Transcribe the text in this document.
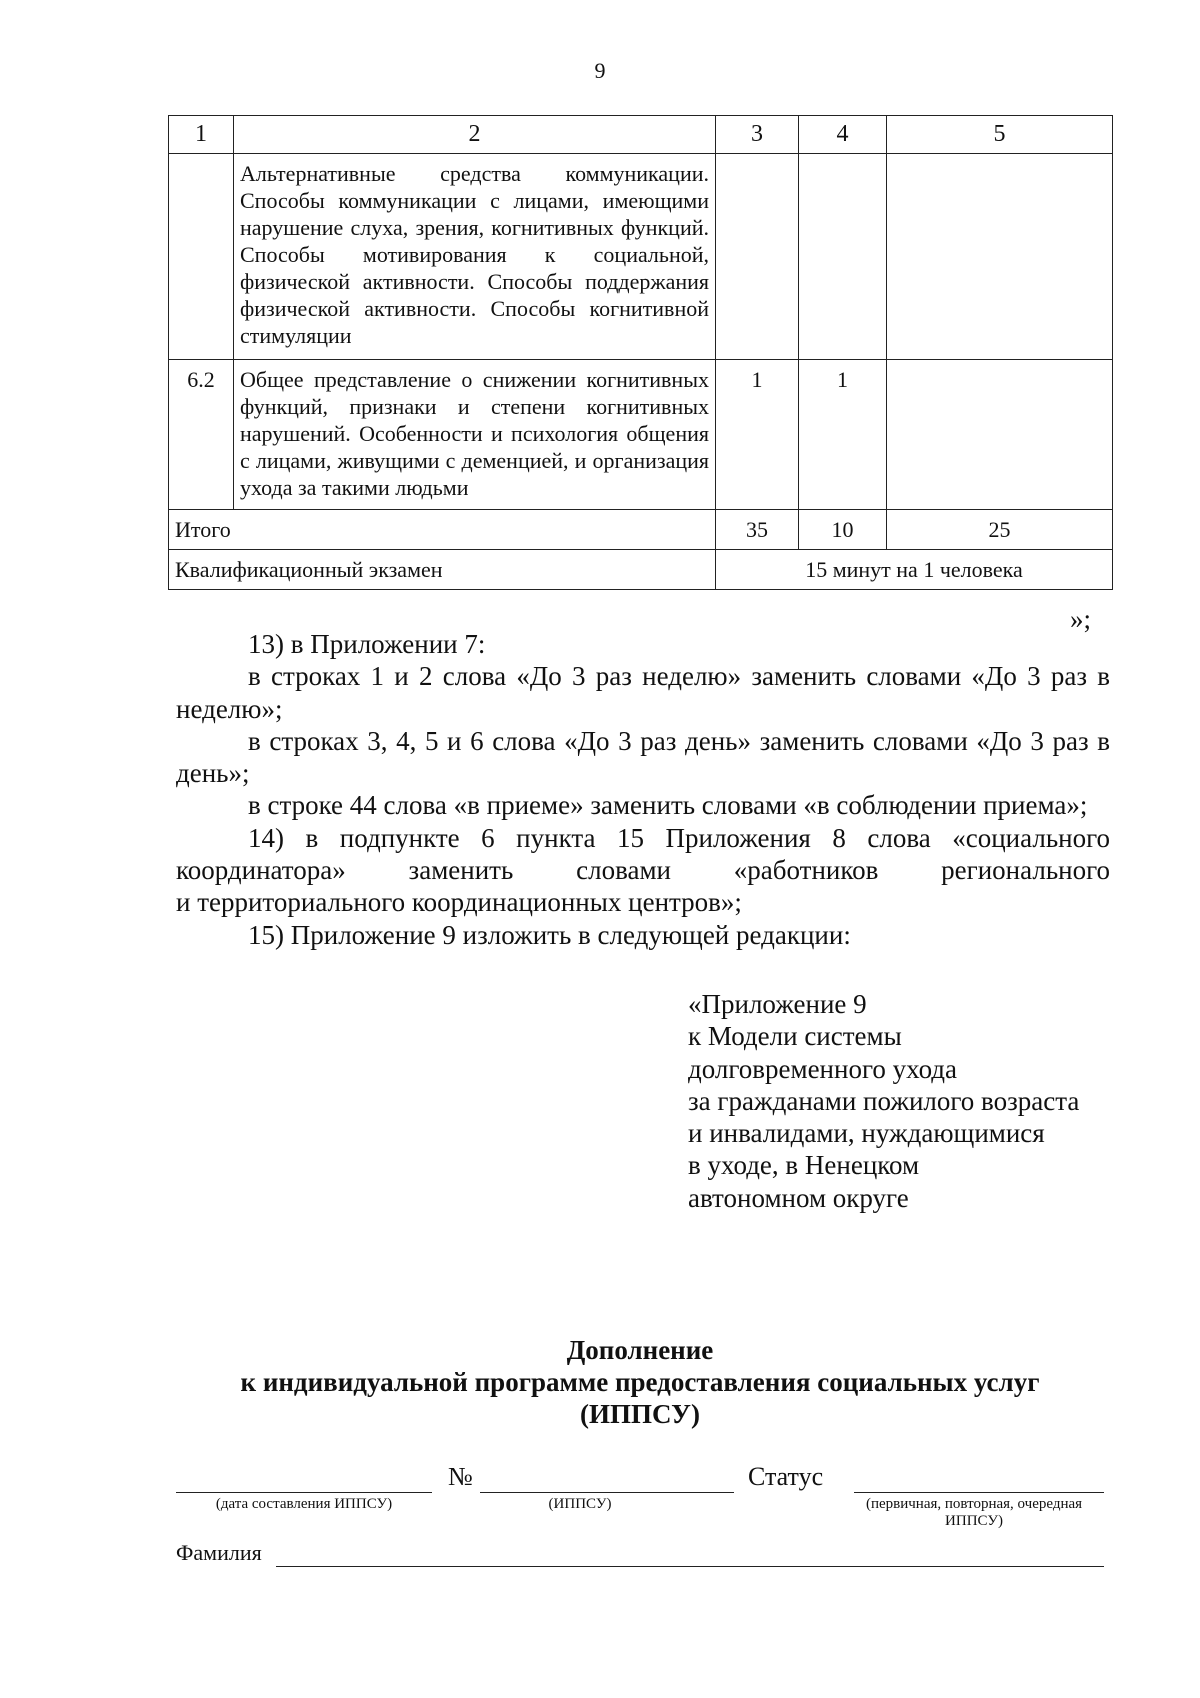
9
1	2	3	4	5
	Альтернативные средства коммуникации. Способы коммуникации с лицами, имеющими нарушение слуха, зрения, когнитивных функций. Способы мотивирования к социальной, физической активности. Способы поддержания физической активности. Способы когнитивной стимуляции			
6.2	Общее представление о снижении когнитивных функций, признаки и степени когнитивных нарушений. Особенности и психология общения с лицами, живущими с деменцией, и организация ухода за такими людьми	1	1	
Итого		35	10	25
Квалификационный экзамен		15 минут на 1 человека		
»;

13) в Приложении 7:

в строках 1 и 2 слова «До 3 раз неделю» заменить словами «До 3 раз в неделю»;

в строках 3, 4, 5 и 6 слова «До 3 раз день» заменить словами «До 3 раз в день»;

в строке 44 слова «в приеме» заменить словами «в соблюдении приема»;

14) в подпункте 6 пункта 15 Приложения 8 слова «социального координатора» заменить словами «работников регионального

и территориального координационных центров»;

15) Приложение 9 изложить в следующей редакции:

«Приложение 9
к Модели системы
долговременного ухода
за гражданами пожилого возраста
и инвалидами, нуждающимися
в уходе, в Ненецком
автономном округе
Дополнение
к индивидуальной программе предоставления социальных услуг
(ИППСУ)
(дата составления ИППСУ)
№
(ИППСУ)
Статус
(первичная, повторная, очередная ИППСУ)
Фамилия
